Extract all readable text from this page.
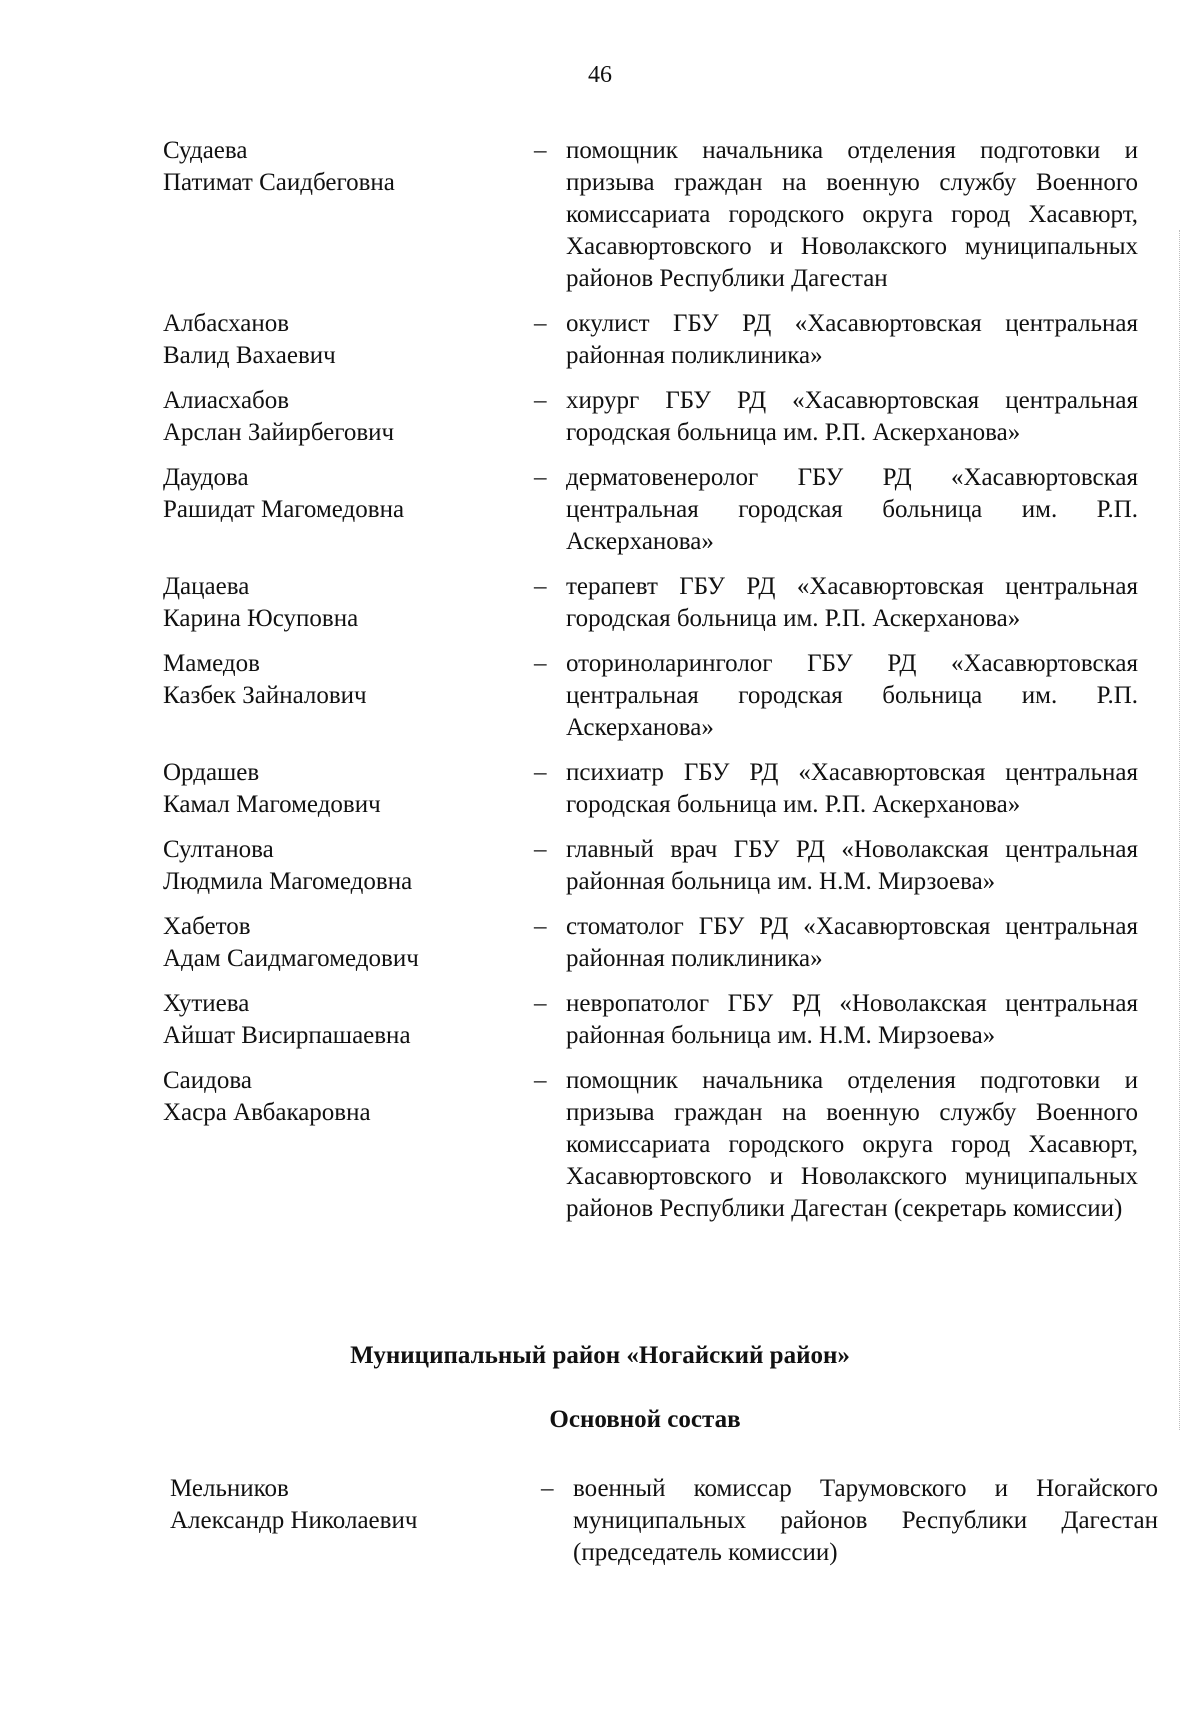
46
Судаева
Патимат Саидбеговна
– помощник начальника отделения подготовки и призыва граждан на военную службу Военного комиссариата городского округа город Хасавюрт, Хасавюртовского и Новолакского муниципальных районов Республики Дагестан
Албасханов
Валид Вахаевич
– окулист ГБУ РД «Хасавюртовская центральная районная поликлиника»
Алиасхабов
Арслан Зайирбегович
– хирург ГБУ РД «Хасавюртовская центральная городская больница им. Р.П. Аскерханова»
Даудова
Рашидат Магомедовна
– дерматовенеролог ГБУ РД «Хасавюртовская центральная городская больница им. Р.П. Аскерханова»
Дацаева
Карина Юсуповна
– терапевт ГБУ РД «Хасавюртовская центральная городская больница им. Р.П. Аскерханова»
Мамедов
Казбек Зайналович
– оториноларинголог ГБУ РД «Хасавюртовская центральная городская больница им. Р.П. Аскерханова»
Ордашев
Камал Магомедович
– психиатр ГБУ РД «Хасавюртовская центральная городская больница им. Р.П. Аскерханова»
Султанова
Людмила Магомедовна
– главный врач ГБУ РД «Новолакская центральная районная больница им. Н.М. Мирзоева»
Хабетов
Адам Саидмагомедович
– стоматолог ГБУ РД «Хасавюртовская центральная районная поликлиника»
Хутиева
Айшат Висирпашаевна
– невропатолог ГБУ РД «Новолакская центральная районная больница им. Н.М. Мирзоева»
Саидова
Хасра Авбакаровна
– помощник начальника отделения подготовки и призыва граждан на военную службу Военного комиссариата городского округа город Хасавюрт, Хасавюртовского и Новолакского муниципальных районов Республики Дагестан (секретарь комиссии)
Муниципальный район «Ногайский район»
Основной состав
Мельников
Александр Николаевич
– военный комиссар Тарумовского и Ногайского муниципальных районов Республики Дагестан (председатель комиссии)
